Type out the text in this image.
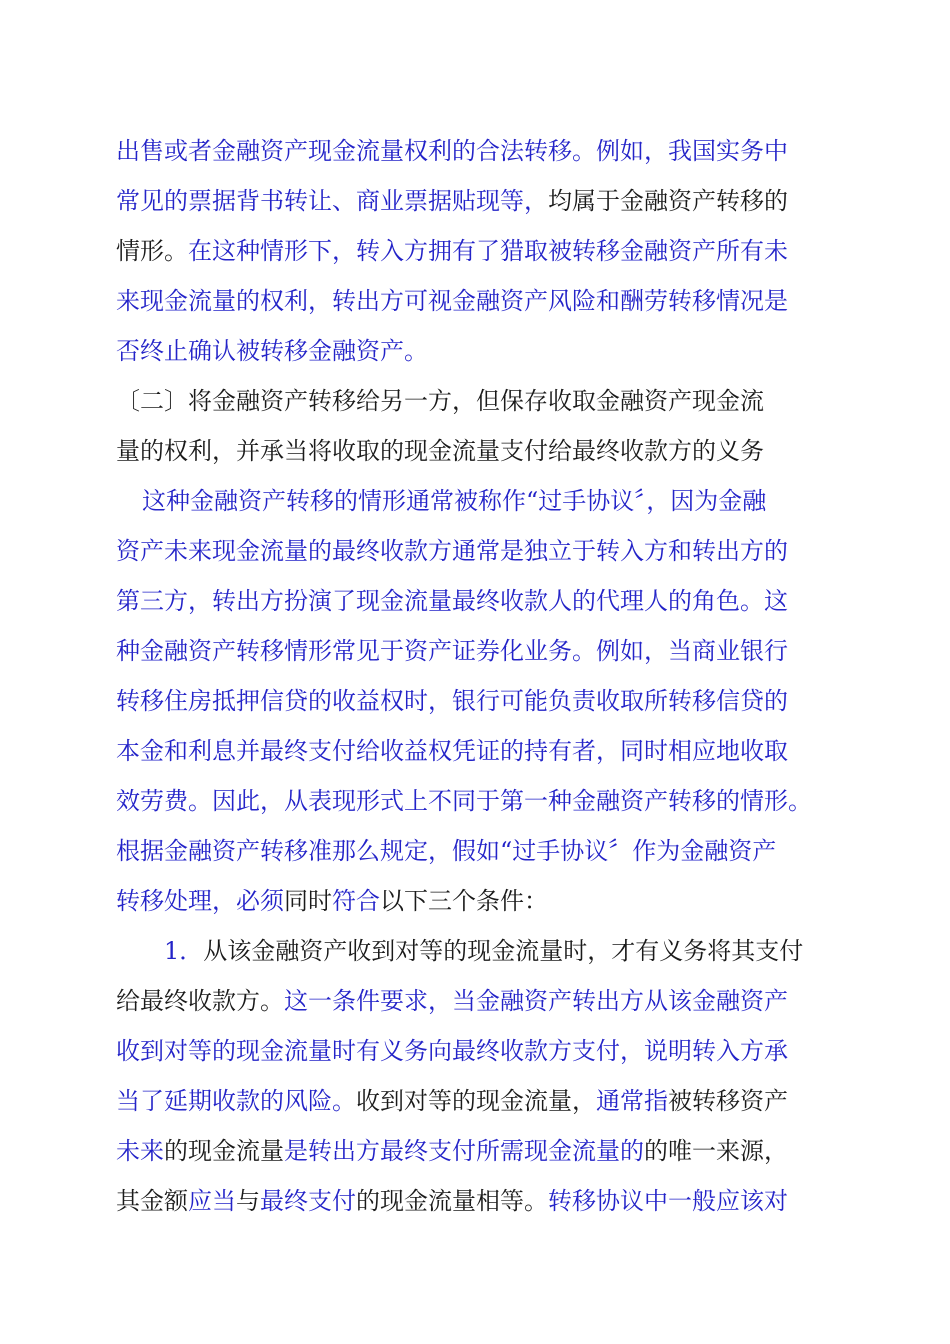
出售或者金融资产现金流量权利的合法转移。例如，我国实务中
常见的票据背书转让、商业票据贴现等，均属于金融资产转移的
情形。在这种情形下，转入方拥有了猎取被转移金融资产所有未
来现金流量的权利，转出方可视金融资产风险和酬劳转移情况是
否终止确认被转移金融资产。
〔二〕将金融资产转移给另一方，但保存收取金融资产现金流
量的权利，并承当将收取的现金流量支付给最终收款方的义务
这种金融资产转移的情形通常被称作“过手协议〞，因为金融
资产未来现金流量的最终收款方通常是独立于转入方和转出方的
第三方，转出方扮演了现金流量最终收款人的代理人的角色。这
种金融资产转移情形常见于资产证券化业务。例如，当商业银行
转移住房抵押信贷的收益权时，银行可能负责收取所转移信贷的
本金和利息并最终支付给收益权凭证的持有者，同时相应地收取
效劳费。因此，从表现形式上不同于第一种金融资产转移的情形。
根据金融资产转移准那么规定，假如“过手协议〞作为金融资产
转移处理，必须同时符合以下三个条件：
1．从该金融资产收到对等的现金流量时，才有义务将其支付
给最终收款方。这一条件要求，当金融资产转出方从该金融资产
收到对等的现金流量时有义务向最终收款方支付，说明转入方承
当了延期收款的风险。收到对等的现金流量，通常指被转移资产
未来的现金流量是转出方最终支付所需现金流量的的唯一来源，
其金额应当与最终支付的现金流量相等。转移协议中一般应该对
